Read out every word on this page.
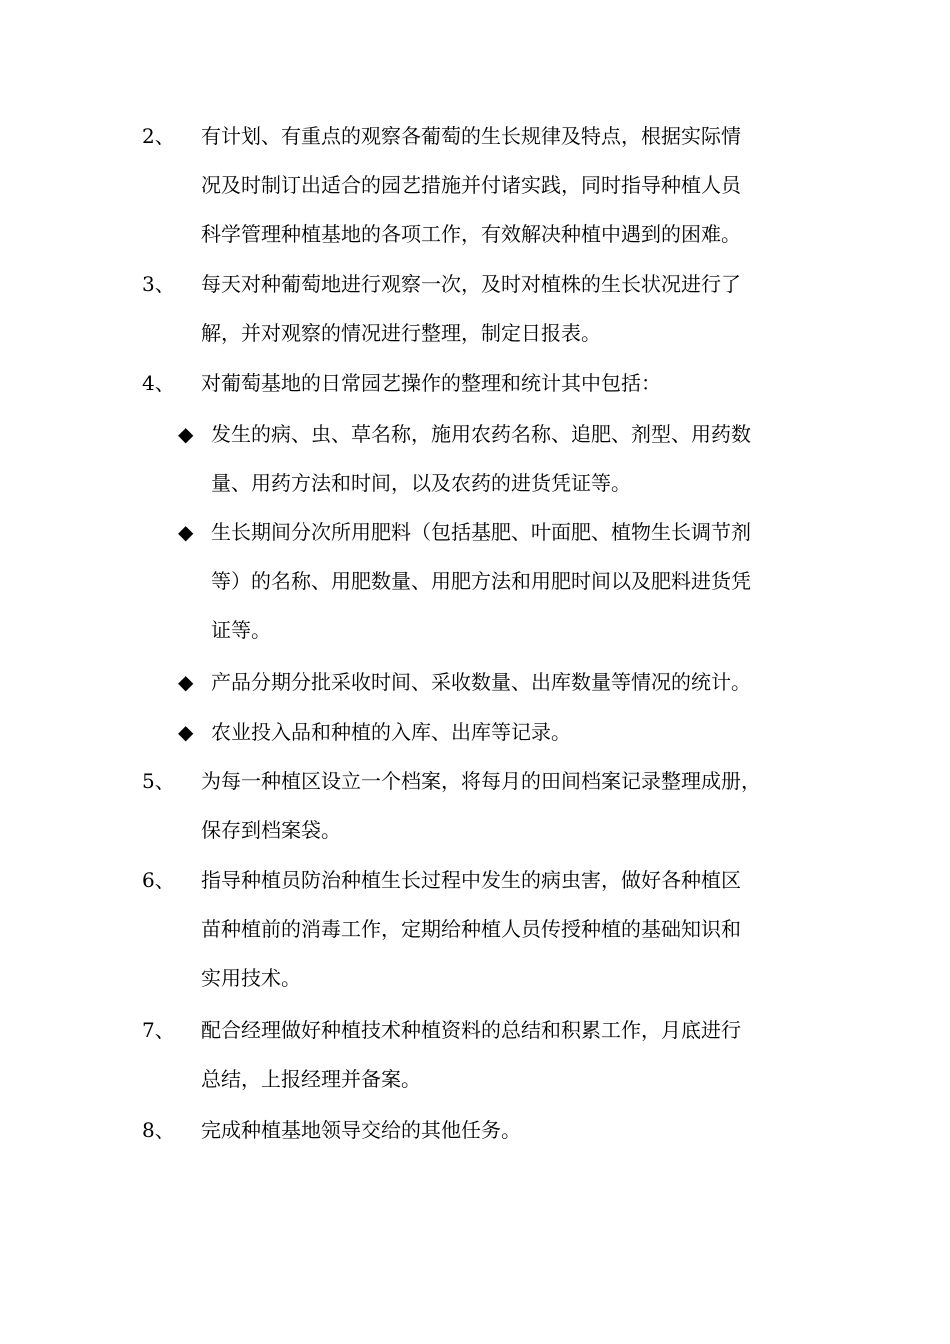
2、 有计划、有重点的观察各葡萄的生长规律及特点，根据实际情
况及时制订出适合的园艺措施并付诸实践，同时指导种植人员
科学管理种植基地的各项工作，有效解决种植中遇到的困难。
3、 每天对种葡萄地进行观察一次，及时对植株的生长状况进行了
解，并对观察的情况进行整理，制定日报表。
4、 对葡萄基地的日常园艺操作的整理和统计其中包括：
◆ 发生的病、虫、草名称，施用农药名称、追肥、剂型、用药数
量、用药方法和时间，以及农药的进货凭证等。
◆ 生长期间分次所用肥料（包括基肥、叶面肥、植物生长调节剂
等）的名称、用肥数量、用肥方法和用肥时间以及肥料进货凭
证等。
◆ 产品分期分批采收时间、采收数量、出库数量等情况的统计。
◆ 农业投入品和种植的入库、出库等记录。
5、 为每一种植区设立一个档案，将每月的田间档案记录整理成册，
保存到档案袋。
6、 指导种植员防治种植生长过程中发生的病虫害，做好各种植区
苗种植前的消毒工作，定期给种植人员传授种植的基础知识和
实用技术。
7、 配合经理做好种植技术种植资料的总结和积累工作，月底进行
总结，上报经理并备案。
8、 完成种植基地领导交给的其他任务。
